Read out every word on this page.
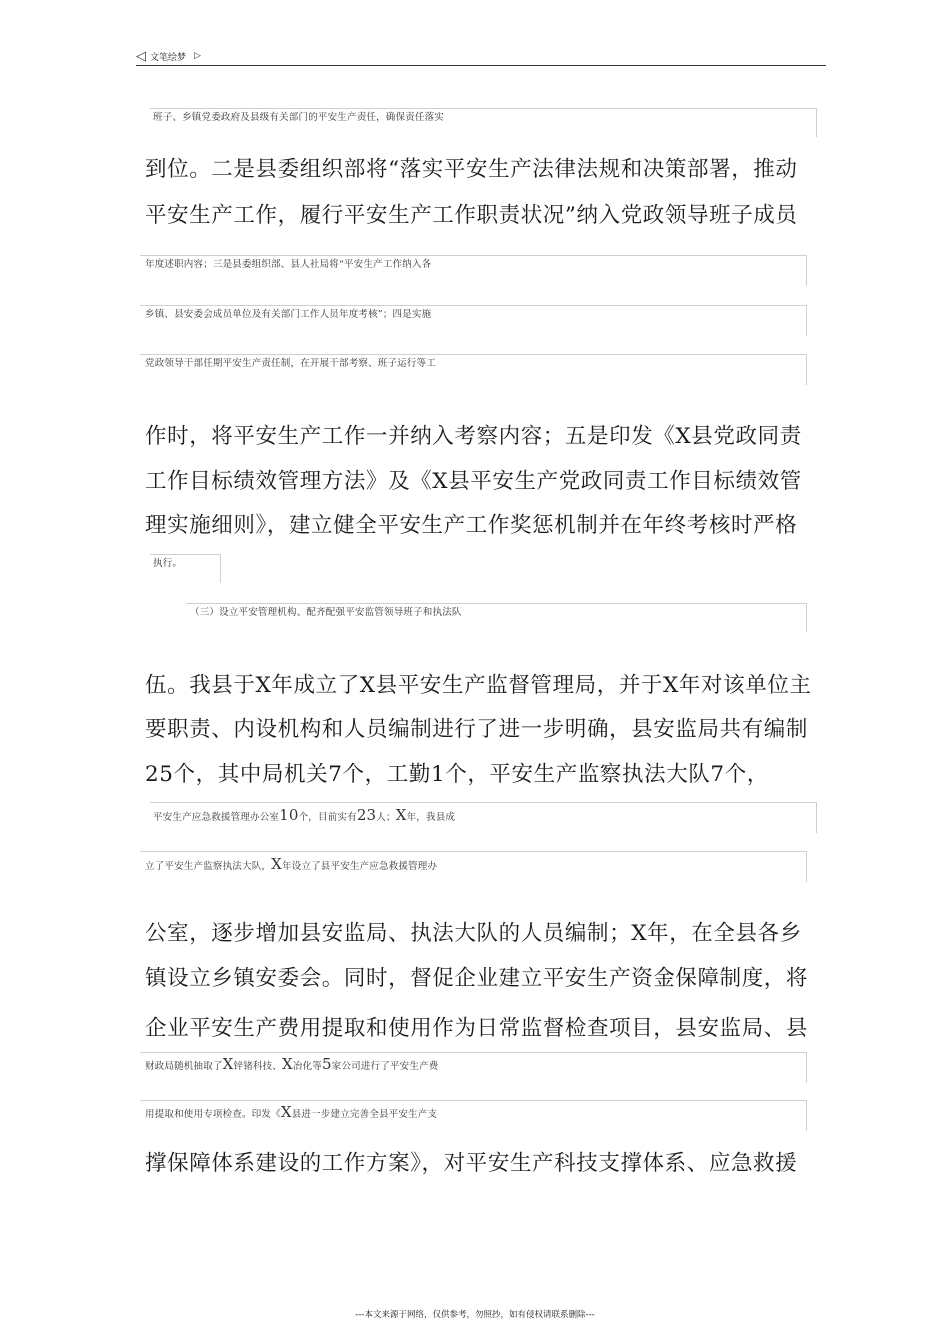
◁ 文笔绘梦 ▷
班子、乡镇党委政府及县级有关部门的平安生产责任，确保责任落实
到位。二是县委组织部将“落实平安生产法律法规和决策部署，推动
平安生产工作，履行平安生产工作职责状况”纳入党政领导班子成员
年度述职内容；三是县委组织部、县人社局将“平安生产工作纳入各
乡镇、县安委会成员单位及有关部门工作人员年度考核”；四是实施
党政领导干部任期平安生产责任制，在开展干部考察、班子运行等工
作时，将平安生产工作一并纳入考察内容；五是印发《X县党政同责
工作目标绩效管理方法》及《X县平安生产党政同责工作目标绩效管
理实施细则》，建立健全平安生产工作奖惩机制并在年终考核时严格
执行。
（三）设立平安管理机构、配齐配强平安监管领导班子和执法队
伍。我县于X年成立了X县平安生产监督管理局，并于X年对该单位主
要职责、内设机构和人员编制进行了进一步明确，县安监局共有编制
25个，其中局机关7个，工勤1个，平安生产监察执法大队7个，
平安生产应急救援管理办公室10个，目前实有23人；X年，我县成
立了平安生产监察执法大队，X年设立了县平安生产应急救援管理办
公室，逐步增加县安监局、执法大队的人员编制；X年，在全县各乡
镇设立乡镇安委会。同时，督促企业建立平安生产资金保障制度，将
企业平安生产费用提取和使用作为日常监督检查项目，县安监局、县
财政局随机抽取了X锌锗科技、X冶化等5家公司进行了平安生产费
用提取和使用专项检查。印发《X县进一步建立完善全县平安生产支
撑保障体系建设的工作方案》，对平安生产科技支撑体系、应急救援
---本文来源于网络，仅供参考，勿照抄，如有侵权请联系删除---
